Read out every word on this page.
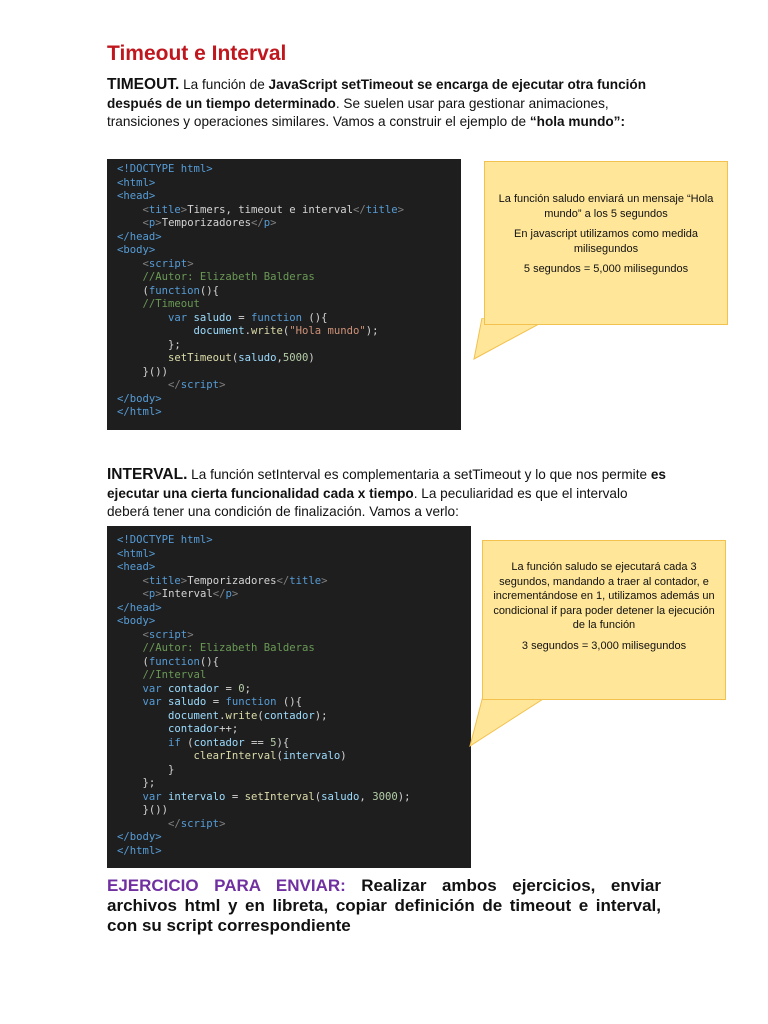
Timeout e Interval
TIMEOUT. La función de JavaScript setTimeout se encarga de ejecutar otra función después de un tiempo determinado. Se suelen usar para gestionar animaciones, transiciones y operaciones similares. Vamos a construir el ejemplo de “hola mundo”:
<!DOCTYPE html>
<html>
<head>
<title>Timers, timeout e interval</title>
<p>Temporizadores</p>
</head>
<body>
<script>
//Autor: Elizabeth Balderas
(function(){
//Timeout
var saludo = function (){
document.write("Hola mundo");
};
setTimeout(saludo,5000)
}())
</script>
</body>
</html>

La función saludo enviará un mensaje “Hola mundo” a los 5 segundos

En javascript utilizamos como medida milisegundos

5 segundos = 5,000 milisegundos

INTERVAL. La función setInterval es complementaria a setTimeout y lo que nos permite es ejecutar una cierta funcionalidad cada x tiempo. La peculiaridad es que el intervalo deberá tener una condición de finalización. Vamos a verlo:
<!DOCTYPE html>
<html>
<head>
<title>Temporizadores</title>
<p>Interval</p>
</head>
<body>
<script>
//Autor: Elizabeth Balderas
(function(){
//Interval
var contador = 0;
var saludo = function (){
document.write(contador);
contador++;
if (contador == 5){
clearInterval(intervalo)
}
};
var intervalo = setInterval(saludo, 3000);
}())
</script>
</body>
</html>

La función saludo se ejecutará cada 3 segundos, mandando a traer al contador, e incrementándose en 1, utilizamos además un condicional if para poder detener la ejecución de la función

3 segundos = 3,000 milisegundos

EJERCICIO PARA ENVIAR: Realizar ambos ejercicios, enviar archivos html y en libreta, copiar definición de timeout e interval, con su script correspondiente
